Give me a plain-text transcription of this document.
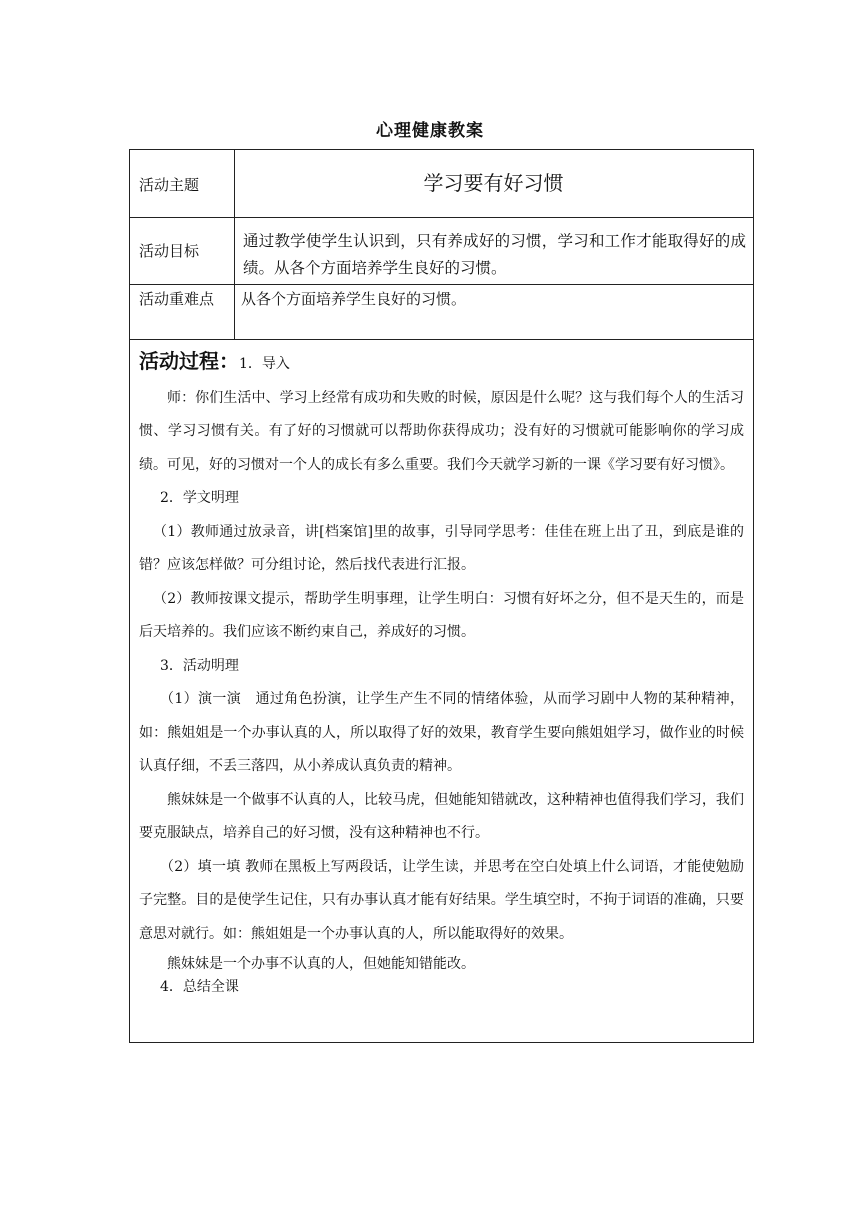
心理健康教案
活动主题	学习要有好习惯
活动目标
通过教学使学生认识到，只有养成好的习惯，学习和工作才能取得好的成绩。从各个方面培养学生良好的习惯。
活动重难点	从各个方面培养学生良好的习惯。

活动过程：1．导入

师：你们生活中、学习上经常有成功和失败的时候，原因是什么呢？这与我们每个人的生活习惯、学习习惯有关。有了好的习惯就可以帮助你获得成功；没有好的习惯就可能影响你的学习成绩。可见，好的习惯对一个人的成长有多么重要。我们今天就学习新的一课《学习要有好习惯》。

2．学文明理

（1）教师通过放录音，讲[档案馆]里的故事，引导同学思考：佳佳在班上出了丑，到底是谁的错？应该怎样做？可分组讨论，然后找代表进行汇报。

（2）教师按课文提示，帮助学生明事理，让学生明白：习惯有好坏之分，但不是天生的，而是后天培养的。我们应该不断约束自己，养成好的习惯。

3．活动明理

（1）演一演　通过角色扮演，让学生产生不同的情绪体验，从而学习剧中人物的某种精神，如：熊姐姐是一个办事认真的人，所以取得了好的效果，教育学生要向熊姐姐学习，做作业的时候认真仔细，不丢三落四，从小养成认真负责的精神。

熊妹妹是一个做事不认真的人，比较马虎，但她能知错就改，这种精神也值得我们学习，我们要克服缺点，培养自己的好习惯，没有这种精神也不行。

（2）填一填 教师在黑板上写两段话，让学生读，并思考在空白处填上什么词语，才能使勉励 子完整。目的是使学生记住，只有办事认真才能有好结果。学生填空时，不拘于词语的准确，只要意思对就行。如：熊姐姐是一个办事认真的人，所以能取得好的效果。

熊妹妹是一个办事不认真的人，但她能知错能改。

4．总结全课
